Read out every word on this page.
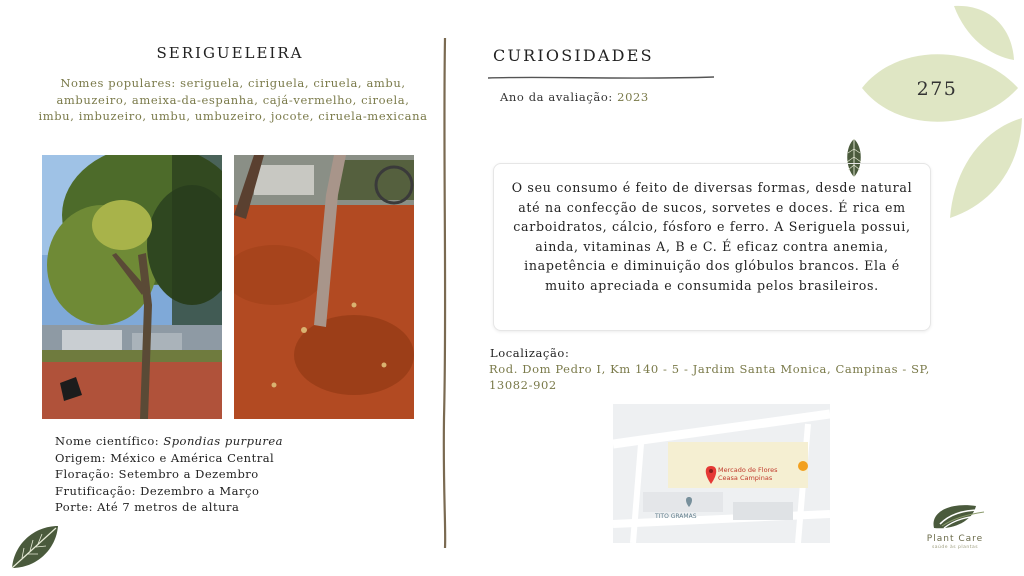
SERIGUELEIRA
Nomes populares: seriguela, ciriguela, ciruela, ambu, ambuzeiro, ameixa-da-espanha, cajá-vermelho, ciroela, imbu, imbuzeiro, umbu, umbuzeiro, jocote, ciruela-mexicana
Nome científico: Spondias purpurea
Origem: México e América Central
Floração: Setembro a Dezembro
Frutificação: Dezembro a Março
Porte: Até 7 metros de altura
275
CURIOSIDADES
Ano da avaliação: 2023

O seu consumo é feito de diversas formas, desde natural até na confecção de sucos, sorvetes e doces. É rica em carboidratos, cálcio, fósforo e ferro. A Seriguela possui, ainda, vitaminas A, B e C. É eficaz contra anemia, inapetência e diminuição dos glóbulos brancos. Ela é muito apreciada e consumida pelos brasileiros.

Localização:
Rod. Dom Pedro I, Km 140 - 5 - Jardim Santa Monica, Campinas - SP, 13082-902
Mercado de Flores
Ceasa Campinas
TITO GRAMAS
Plant Care
saúde às plantas
